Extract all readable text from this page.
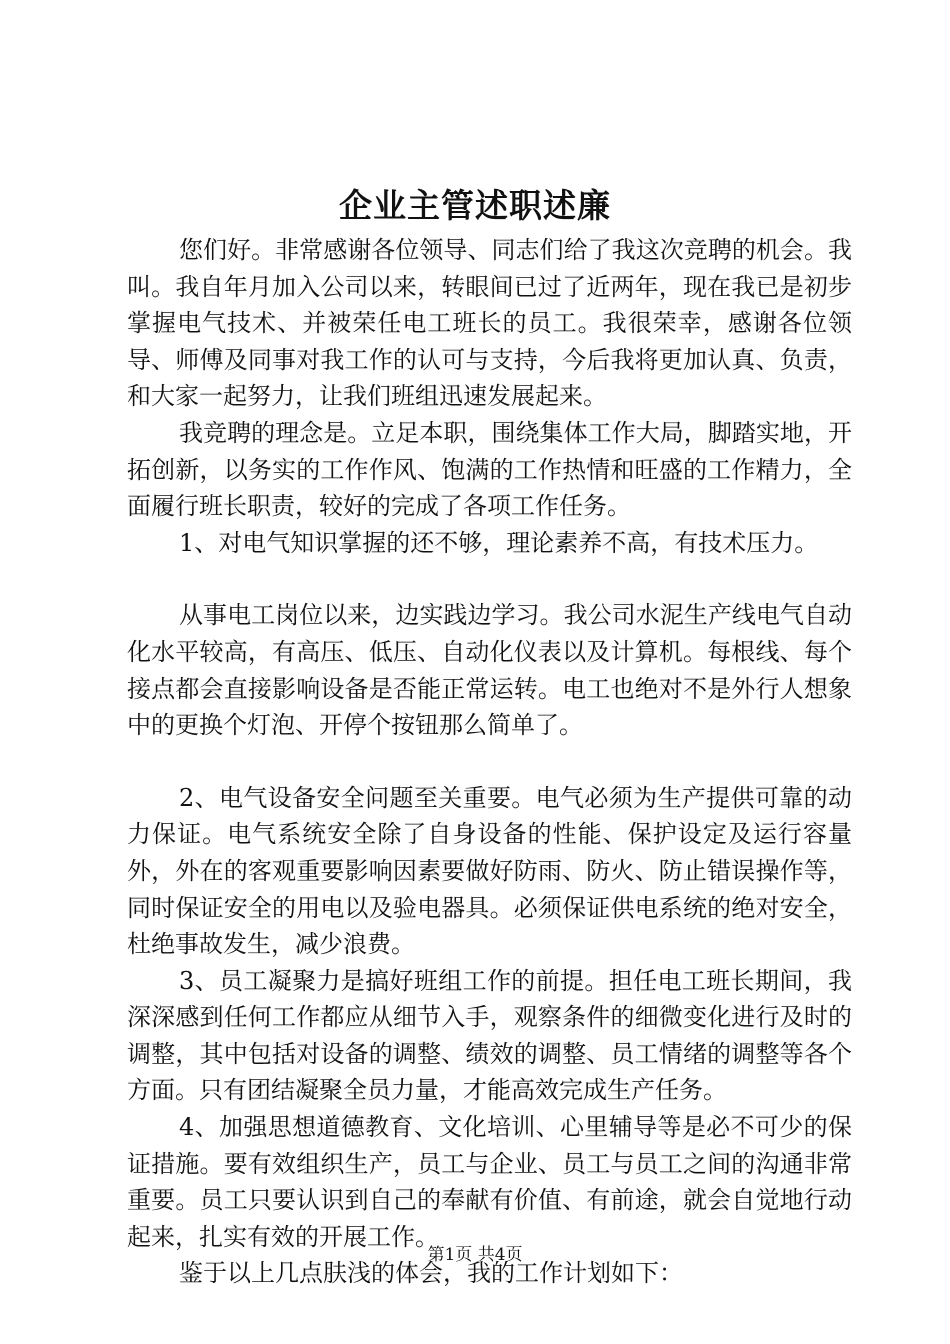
企业主管述职述廉

您们好。非常感谢各位领导、同志们给了我这次竞聘的机会。我叫。我自年月加入公司以来，转眼间已过了近两年，现在我已是初步掌握电气技术、并被荣任电工班长的员工。我很荣幸，感谢各位领导、师傅及同事对我工作的认可与支持，今后我将更加认真、负责，和大家一起努力，让我们班组迅速发展起来。

我竞聘的理念是。立足本职，围绕集体工作大局，脚踏实地，开拓创新，以务实的工作作风、饱满的工作热情和旺盛的工作精力，全面履行班长职责，较好的完成了各项工作任务。

1、对电气知识掌握的还不够，理论素养不高，有技术压力。

从事电工岗位以来，边实践边学习。我公司水泥生产线电气自动化水平较高，有高压、低压、自动化仪表以及计算机。每根线、每个接点都会直接影响设备是否能正常运转。电工也绝对不是外行人想象中的更换个灯泡、开停个按钮那么简单了。

2、电气设备安全问题至关重要。电气必须为生产提供可靠的动力保证。电气系统安全除了自身设备的性能、保护设定及运行容量外，外在的客观重要影响因素要做好防雨、防火、防止错误操作等，同时保证安全的用电以及验电器具。必须保证供电系统的绝对安全，杜绝事故发生，减少浪费。

3、员工凝聚力是搞好班组工作的前提。担任电工班长期间，我深深感到任何工作都应从细节入手，观察条件的细微变化进行及时的调整，其中包括对设备的调整、绩效的调整、员工情绪的调整等各个方面。只有团结凝聚全员力量，才能高效完成生产任务。

4、加强思想道德教育、文化培训、心里辅导等是必不可少的保证措施。要有效组织生产，员工与企业、员工与员工之间的沟通非常重要。员工只要认识到自己的奉献有价值、有前途，就会自觉地行动起来，扎实有效的开展工作。

鉴于以上几点肤浅的体会，我的工作计划如下：

第1页 共4页
